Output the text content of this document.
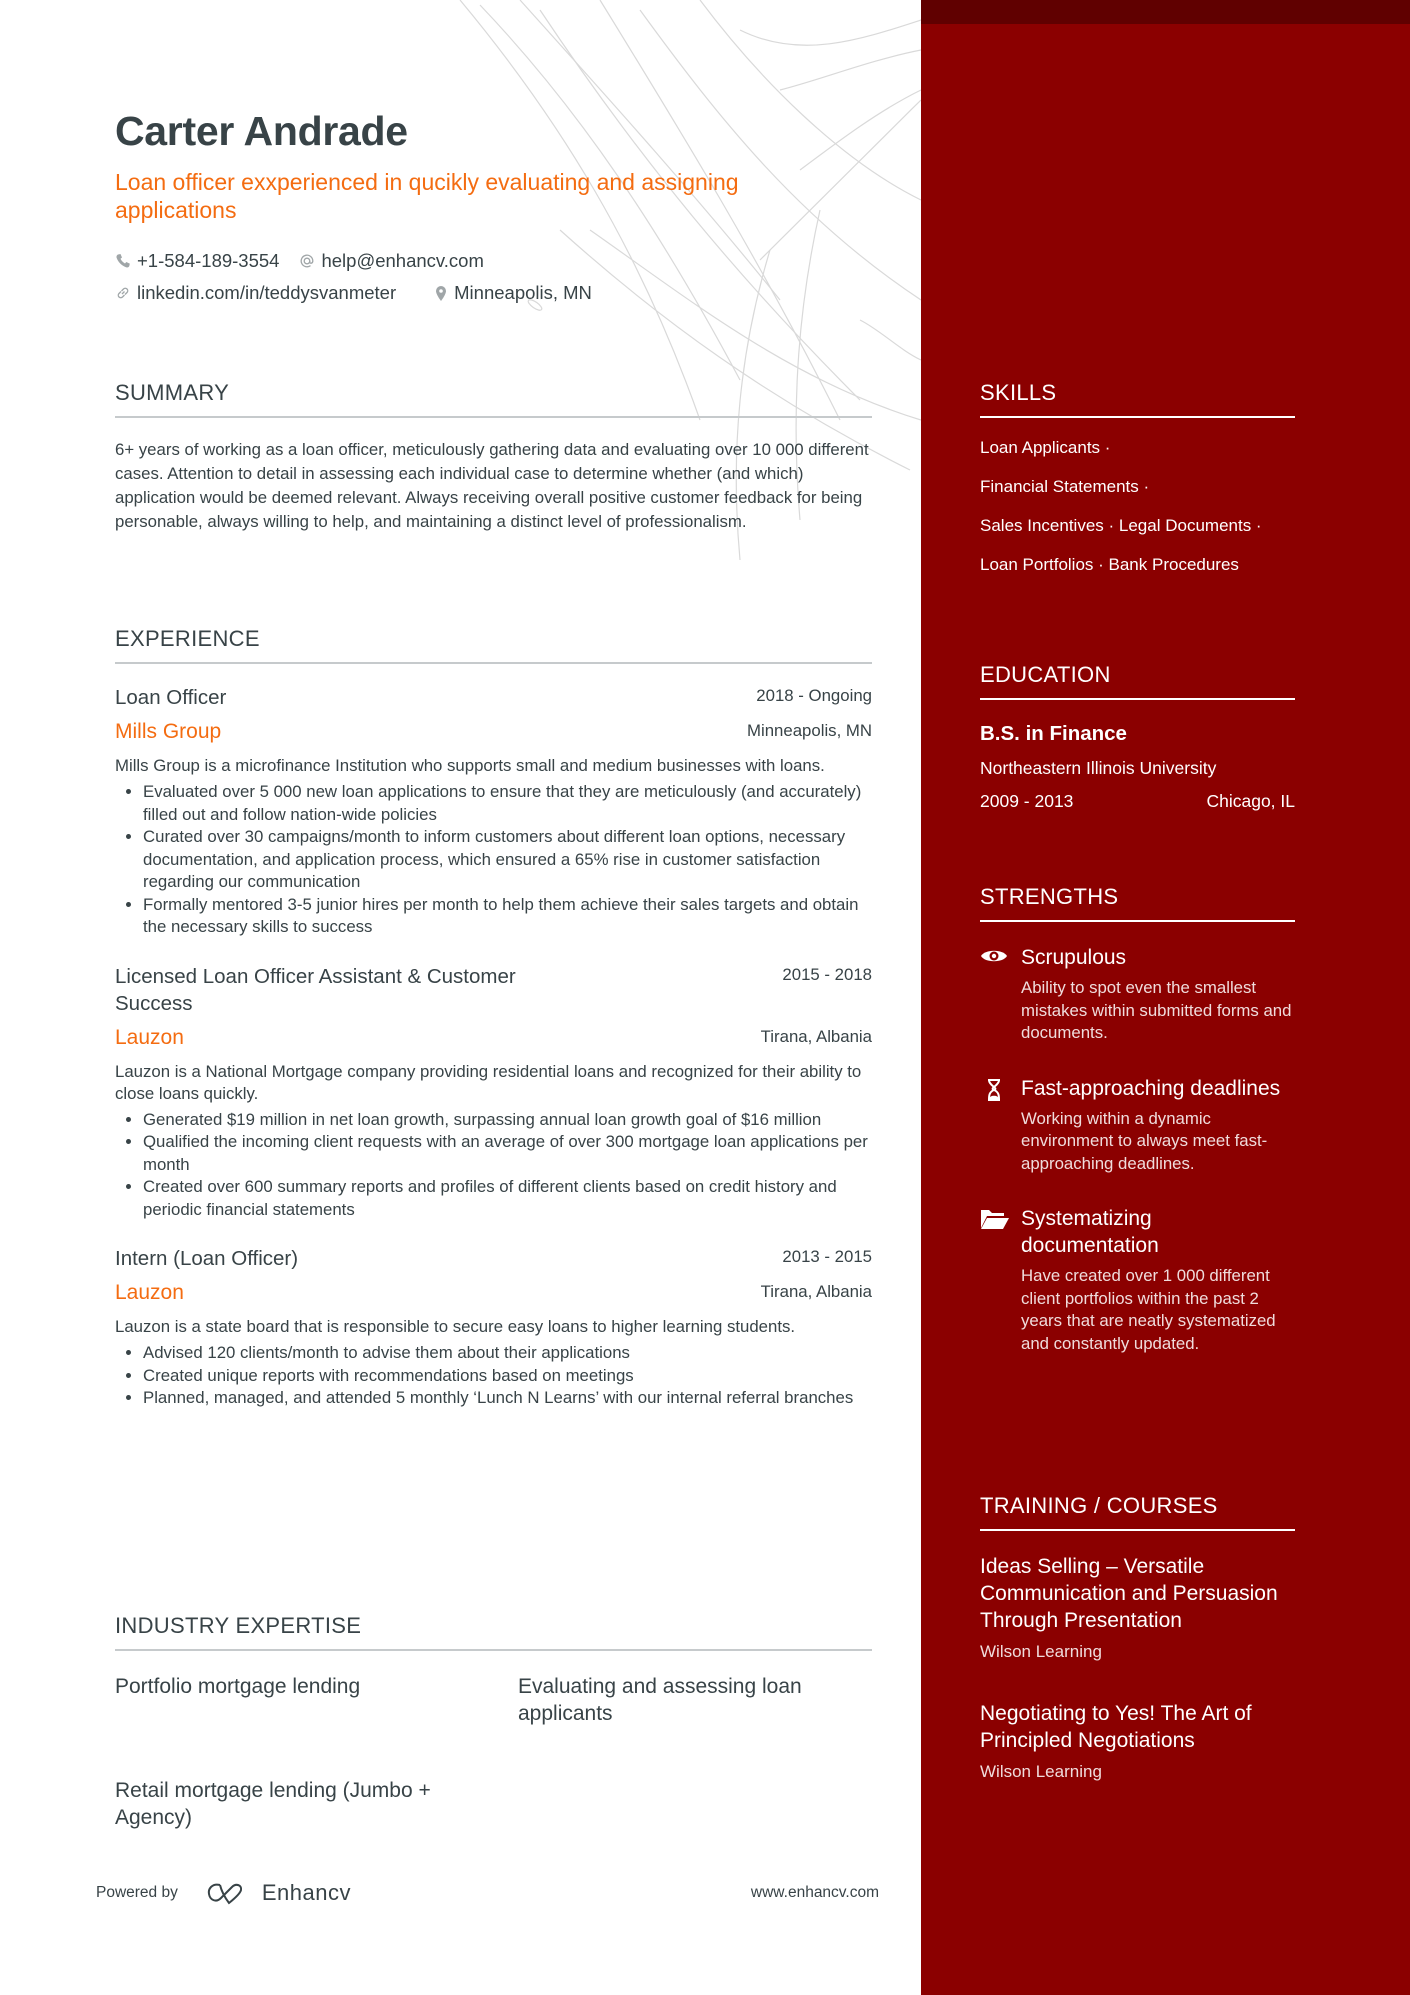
Carter Andrade
Loan officer exxperienced in qucikly evaluating and assigning applications
+1-584-189-3554 help@enhancv.com
linkedin.com/in/teddysvanmeter	Minneapolis, MN
SUMMARY

6+ years of working as a loan officer, meticulously gathering data and evaluating over 10 000 different cases. Attention to detail in assessing each individual case to determine whether (and which) application would be deemed relevant. Always receiving overall positive customer feedback for being personable, always willing to help, and maintaining a distinct level of professionalism.

EXPERIENCE
Loan Officer	2018 - Ongoing
Mills Group	Minneapolis, MN
Mills Group is a microfinance Institution who supports small and medium businesses with loans.
• Evaluated over 5 000 new loan applications to ensure that they are meticulously (and accurately) filled out and follow nation-wide policies
• Curated over 30 campaigns/month to inform customers about different loan options, necessary documentation, and application process, which ensured a 65% rise in customer satisfaction regarding our communication
• Formally mentored 3-5 junior hires per month to help them achieve their sales targets and obtain the necessary skills to success
Licensed Loan Officer Assistant & Customer Success
2015 - 2018
Lauzon	Tirana, Albania
Lauzon is a National Mortgage company providing residential loans and recognized for their ability to close loans quickly.
• Generated $19 million in net loan growth, surpassing annual loan growth goal of $16 million
• Qualified the incoming client requests with an average of over 300 mortgage loan applications per month
• Created over 600 summary reports and profiles of different clients based on credit history and periodic financial statements
Intern (Loan Officer)	2013 - 2015
Lauzon	Tirana, Albania
Lauzon is a state board that is responsible to secure easy loans to higher learning students.
• Advised 120 clients/month to advise them about their applications
• Created unique reports with recommendations based on meetings
• Planned, managed, and attended 5 monthly ‘Lunch N Learns’ with our internal referral branches
INDUSTRY EXPERTISE
Portfolio mortgage lending	Evaluating and assessing loan applicants
Retail mortgage lending (Jumbo + Agency)
Powered by	Enhancv	www.enhancv.com
SKILLS
Loan Applicants ·
Financial Statements ·
Sales Incentives · Legal Documents ·
Loan Portfolios · Bank Procedures
EDUCATION
B.S. in Finance
Northeastern Illinois University
2009 - 2013	Chicago, IL
STRENGTHS
Scrupulous
Ability to spot even the smallest mistakes within submitted forms and documents.
Fast-approaching deadlines
Working within a dynamic environment to always meet fast-approaching deadlines.
Systematizing documentation
Have created over 1 000 different client portfolios within the past 2 years that are neatly systematized and constantly updated.
TRAINING / COURSES
Ideas Selling – Versatile Communication and Persuasion Through Presentation
Wilson Learning
Negotiating to Yes! The Art of Principled Negotiations
Wilson Learning
